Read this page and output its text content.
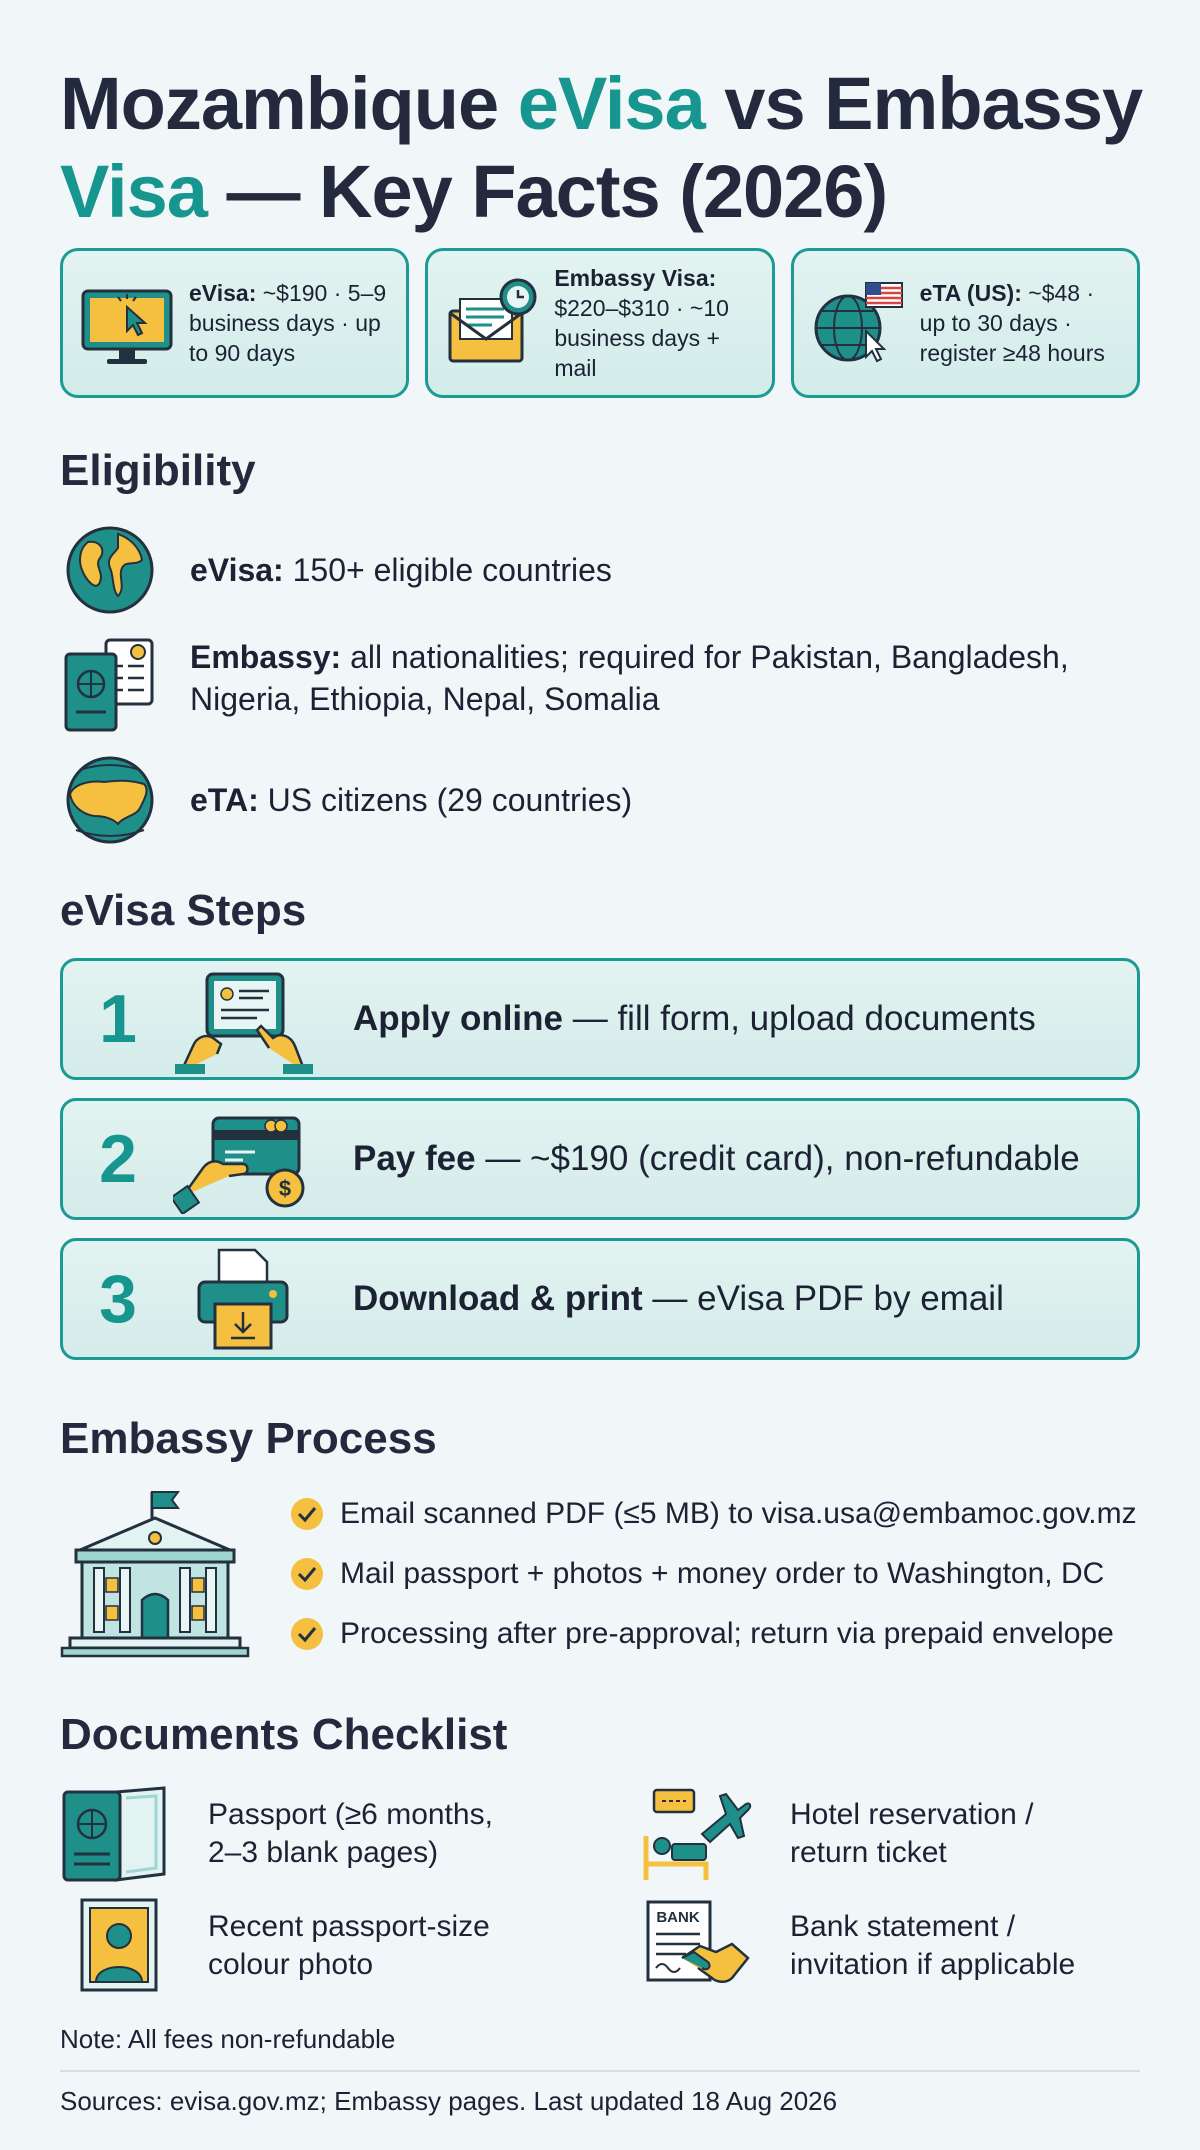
Mozambique eVisa vs Embassy
Visa — Key Facts (2026)
eVisa: ~$190 · 5–9 business days · up to 90 days
Embassy Visa: $220–$310 · ~10 business days + mail
eTA (US): ~$48 · up to 30 days · register ≥48 hours
Eligibility
eVisa: 150+ eligible countries
Embassy: all nationalities; required for Pakistan, Bangladesh, Nigeria, Ethiopia, Nepal, Somalia
eTA: US citizens (29 countries)
eVisa Steps
1	Apply online — fill form, upload documents
2	$
Pay fee — ~$190 (credit card), non-refundable
3	Download & print — eVisa PDF by email
Embassy Process
Email scanned PDF (≤5 MB) to visa.usa@embamoc.gov.mz
Mail passport + photos + money order to Washington, DC
Processing after pre-approval; return via prepaid envelope
Documents Checklist
Passport (≥6 months,
2–3 blank pages)
Hotel reservation /
return ticket
Recent passport-size
colour photo
BANK	Bank statement /
invitation if applicable
Note: All fees non-refundable
Sources: evisa.gov.mz; Embassy pages. Last updated 18 Aug 2026
